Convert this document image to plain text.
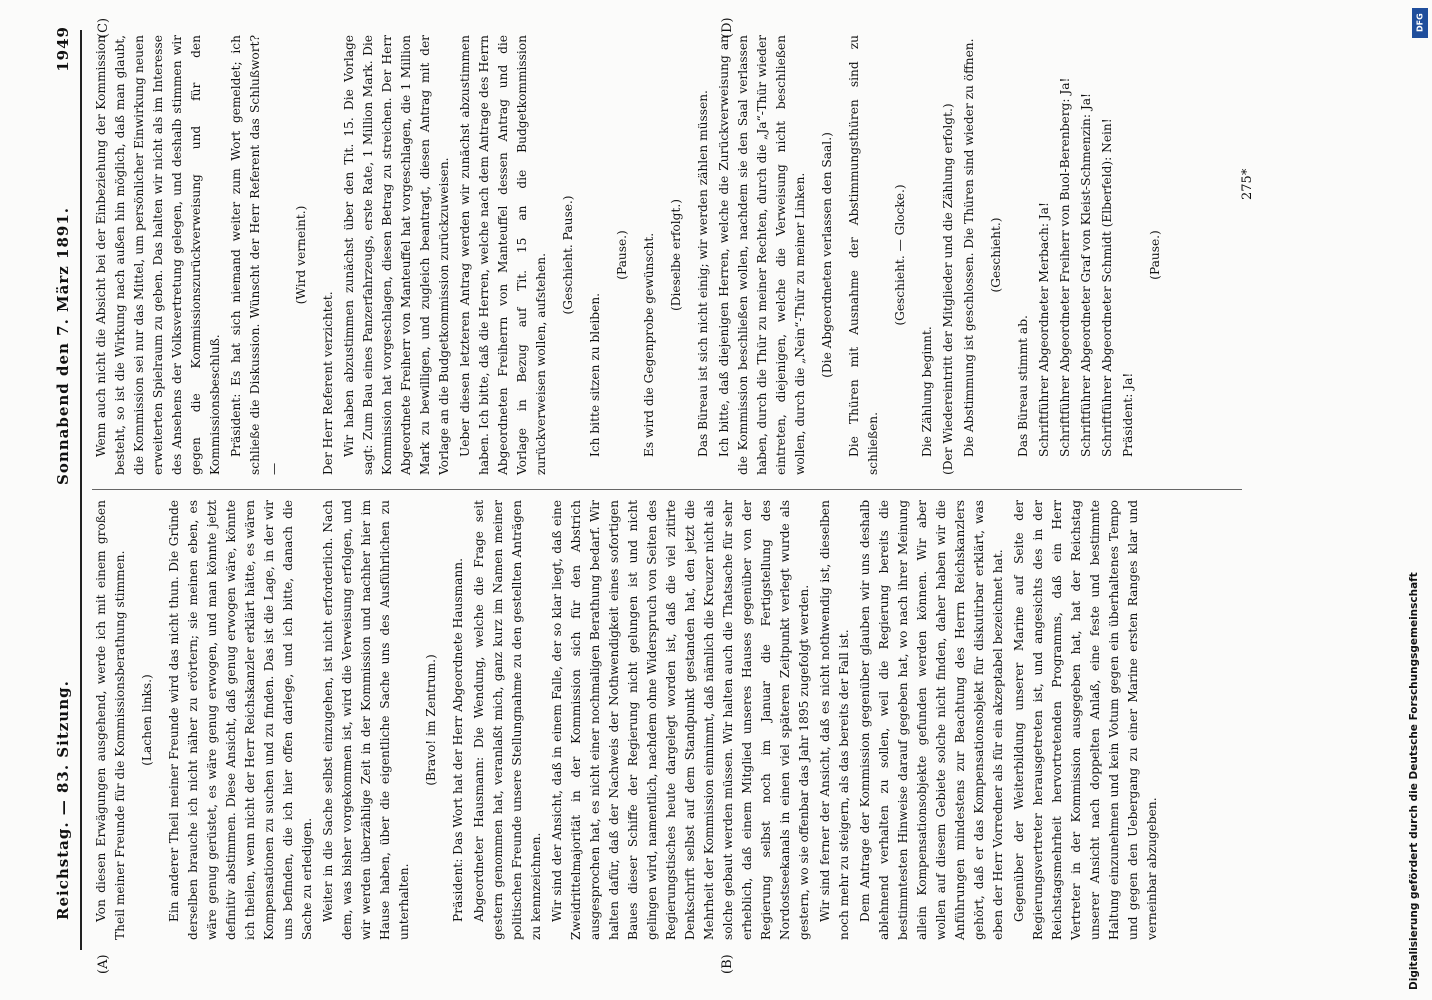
Reichstag. — 83. Sitzung.
Sonnabend den 7. März 1891.
1949
(A)	(B)
(C)	(D)

Von diesen Erwägungen ausgehend, werde ich mit einem großen Theil meiner Freunde für die Kommissionsberathung stimmen. (Lachen links.) Ein anderer Theil meiner Freunde wird das nicht thun. Die Gründe derselben brauche ich nicht näher zu erörtern; sie meinen eben, es wäre genug gerüstet, es wäre genug erwogen, und man könnte jetzt definitiv abstimmen. Diese Ansicht, daß genug erwogen wäre, könnte ich theilen, wenn nicht der Herr Reichskanzler erklärt hätte, es wären Kompensationen zu suchen und zu finden. Das ist die Lage, in der wir uns befinden, die ich hier offen darlege, und ich bitte, danach die Sache zu erledigen. Weiter in die Sache selbst einzugehen, ist nicht erforderlich. Nach dem, was bisher vorgekommen ist, wird die Verweisung erfolgen, und wir werden überzählige Zeit in der Kommission und nachher hier im Hause haben, über die eigentliche Sache uns des Ausführlichen zu unterhalten.

(Bravo! im Zentrum.) Präsident: Das Wort hat der Herr Abgeordnete Hausmann. Abgeordneter Hausmann: Die Wendung, welche die Frage seit gestern genommen hat, veranlaßt mich, ganz kurz im Namen meiner politischen Freunde unsere Stellungnahme zu den gestellten Anträgen zu kennzeichnen. Wir sind der Ansicht, daß in einem Falle, der so klar liegt, daß eine Zweidrittelmajorität in der Kommission sich für den Abstrich ausgesprochen hat, es nicht einer nochmaligen Berathung bedarf. Wir halten dafür, daß der Nachweis der Nothwendigkeit eines sofortigen Baues dieser Schiffe der Regierung nicht gelungen ist und nicht gelingen wird, namentlich, nachdem ohne Widerspruch von Seiten des Regierungstisches heute dargelegt worden ist, daß die viel zitirte Denkschrift selbst auf dem Standpunkt gestanden hat, den jetzt die Mehrheit der Kommission einnimmt, daß nämlich die Kreuzer nicht als solche gebaut werden müssen. Wir halten auch die Thatsache für sehr erheblich, daß einem Mitglied unseres Hauses gegenüber von der Regierung selbst noch im Januar die Fertigstellung des Nordostseekanals in einen viel späteren Zeitpunkt verlegt wurde als gestern, wo sie offenbar das Jahr 1895 zugefolgt werden. Wir sind ferner der Ansicht, daß es nicht nothwendig ist, dieselben noch mehr zu steigern, als das bereits der Fall ist. Dem Antrage der Kommission gegenüber glauben wir uns deshalb ablehnend verhalten zu sollen, weil die Regierung bereits die bestimmtesten Hinweise darauf gegeben hat, wo nach ihrer Meinung allein Kompensationsobjekte gefunden werden können. Wir aber wollen auf diesem Gebiete solche nicht finden, daher haben wir die Anführungen mindestens zur Beachtung des Herrn Reichskanzlers gehört, daß er das Kompensationsobjekt für diskutirbar erklärt, was eben der Herr Vorredner als für ein akzeptabel bezeichnet hat. Gegenüber der Weiterbildung unserer Marine auf Seite der Regierungsvertreter herausgetreten ist, und angesichts des in der Reichstagsmehrheit hervortretenden Programms, daß ein Herr Vertreter in der Kommission ausgegeben hat, hat der Reichstag unserer Ansicht nach doppelten Anlaß, eine feste und bestimmte Haltung einzunehmen und kein Votum gegen ein überhaltenes Tempo und gegen den Uebergang zu einer Marine ersten Ranges klar und verneinbar abzugeben.

Wenn auch nicht die Absicht bei der Einbeziehung der Kommission besteht, so ist die Wirkung nach außen hin möglich, daß man glaubt, die Kommission sei nur das Mittel, um persönlicher Einwirkung neuen erweiterten Spielraum zu geben. Das halten wir nicht als im Interesse des Ansehens der Volksvertretung gelegen, und deshalb stimmen wir gegen die Kommissionszurückverweisung und für den Kommissionsbeschluß. Präsident: Es hat sich niemand weiter zum Wort gemeldet; ich schließe die Diskussion. Wünscht der Herr Referent das Schlußwort? —

(Wird verneint.)

Der Herr Referent verzichtet. Wir haben abzustimmen zunächst über den Tit. 15. Die Vorlage sagt: Zum Bau eines Panzerfahrzeugs, erste Rate, 1 Million Mark. Die Kommission hat vorgeschlagen, diesen Betrag zu streichen. Der Herr Abgeordnete Freiherr von Manteuffel hat vorgeschlagen, die 1 Million Mark zu bewilligen, und zugleich beantragt, diesen Antrag mit der Vorlage an die Budgetkommission zurückzuweisen. Ueber diesen letzteren Antrag werden wir zunächst abzustimmen haben. Ich bitte, daß die Herren, welche nach dem Antrage des Herrn Abgeordneten Freiherrn von Manteuffel dessen Antrag und die Vorlage in Bezug auf Tit. 15 an die Budgetkommission zurückverweisen wollen, aufstehen. (Geschieht. Pause.)

Ich bitte sitzen zu bleiben.

(Pause.) Es wird die Gegenprobe gewünscht. (Dieselbe erfolgt.) Das Büreau ist sich nicht einig; wir werden zählen müssen. Ich bitte, daß diejenigen Herren, welche die Zurückverweisung an die Kommission beschließen wollen, nachdem sie den Saal verlassen haben, durch die Thür zu meiner Rechten, durch die „Ja“-Thür wieder eintreten, diejenigen, welche die Verweisung nicht beschließen wollen, durch die „Nein“-Thür zu meiner Linken. (Die Abgeordneten verlassen den Saal.) Die Thüren mit Ausnahme der Abstimmungsthüren sind zu schließen.

(Geschieht. — Glocke.)

Die Zählung beginnt. (Der Wiedereintritt der Mitglieder und die Zählung erfolgt.) Die Abstimmung ist geschlossen. Die Thüren sind wieder zu öffnen. (Geschieht.)

Das Büreau stimmt ab. Schriftführer Abgeordneter Merbach: Ja! Schriftführer Abgeordneter Freiherr von Buol-Berenberg: Ja! Schriftführer Abgeordneter Graf von Kleist-Schmenzin: Ja! Schriftführer Abgeordneter Schmidt (Elberfeld): Nein! Präsident: Ja!

(Pause.)

275*
Digitalisierung gefördert durch die Deutsche Forschungsgemeinschaft
DFG
